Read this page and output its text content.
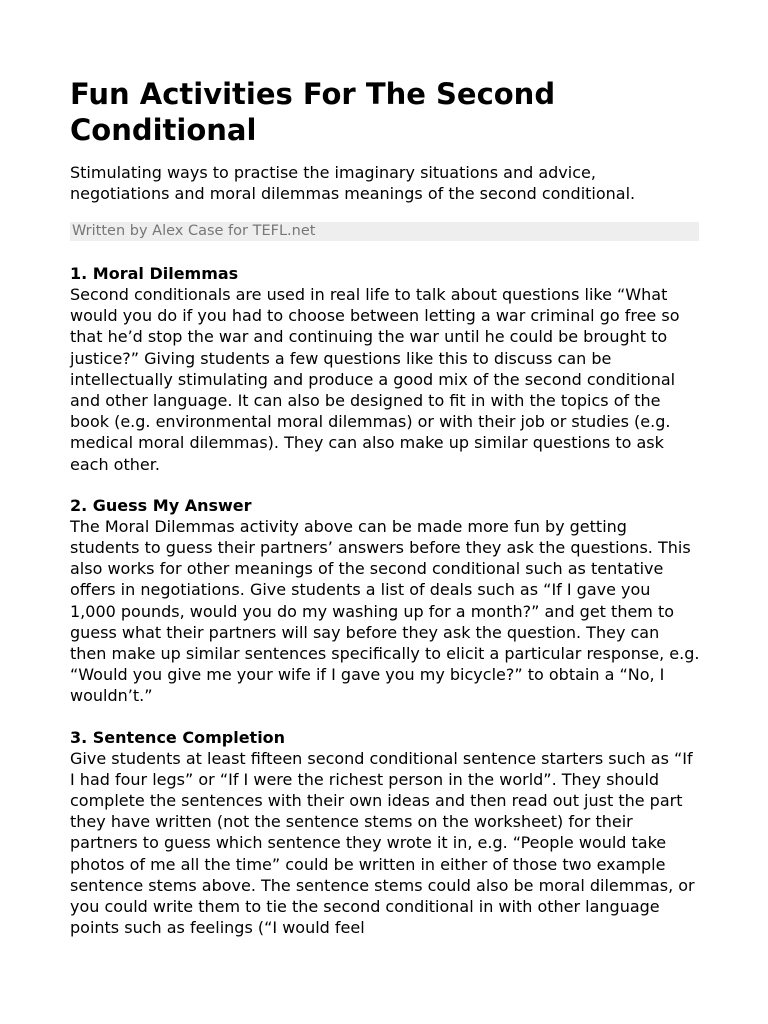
Fun Activities For The Second
Conditional

Stimulating ways to practise the imaginary situations and advice, negotiations and moral dilemmas meanings of the second conditional.

Written by Alex Case for TEFL.net
1. Moral Dilemmas

Second conditionals are used in real life to talk about questions like “What would you do if you had to choose between letting a war criminal go free so that he’d stop the war and continuing the war until he could be brought to justice?” Giving students a few questions like this to discuss can be intellectually stimulating and produce a good mix of the second conditional and other language. It can also be designed to fit in with the topics of the book (e.g. environmental moral dilemmas) or with their job or studies (e.g. medical moral dilemmas). They can also make up similar questions to ask each other.

2. Guess My Answer

The Moral Dilemmas activity above can be made more fun by getting students to guess their partners’ answers before they ask the questions. This also works for other meanings of the second conditional such as tentative offers in negotiations. Give students a list of deals such as “If I gave you 1,000 pounds, would you do my washing up for a month?” and get them to guess what their partners will say before they ask the question. They can then make up similar sentences specifically to elicit a particular response, e.g. “Would you give me your wife if I gave you my bicycle?” to obtain a “No, I wouldn’t.”

3. Sentence Completion

Give students at least fifteen second conditional sentence starters such as “If I had four legs” or “If I were the richest person in the world”. They should complete the sentences with their own ideas and then read out just the part they have written (not the sentence stems on the worksheet) for their partners to guess which sentence they wrote it in, e.g. “People would take photos of me all the time” could be written in either of those two example sentence stems above. The sentence stems could also be moral dilemmas, or you could write them to tie the second conditional in with other language points such as feelings (“I would feel
